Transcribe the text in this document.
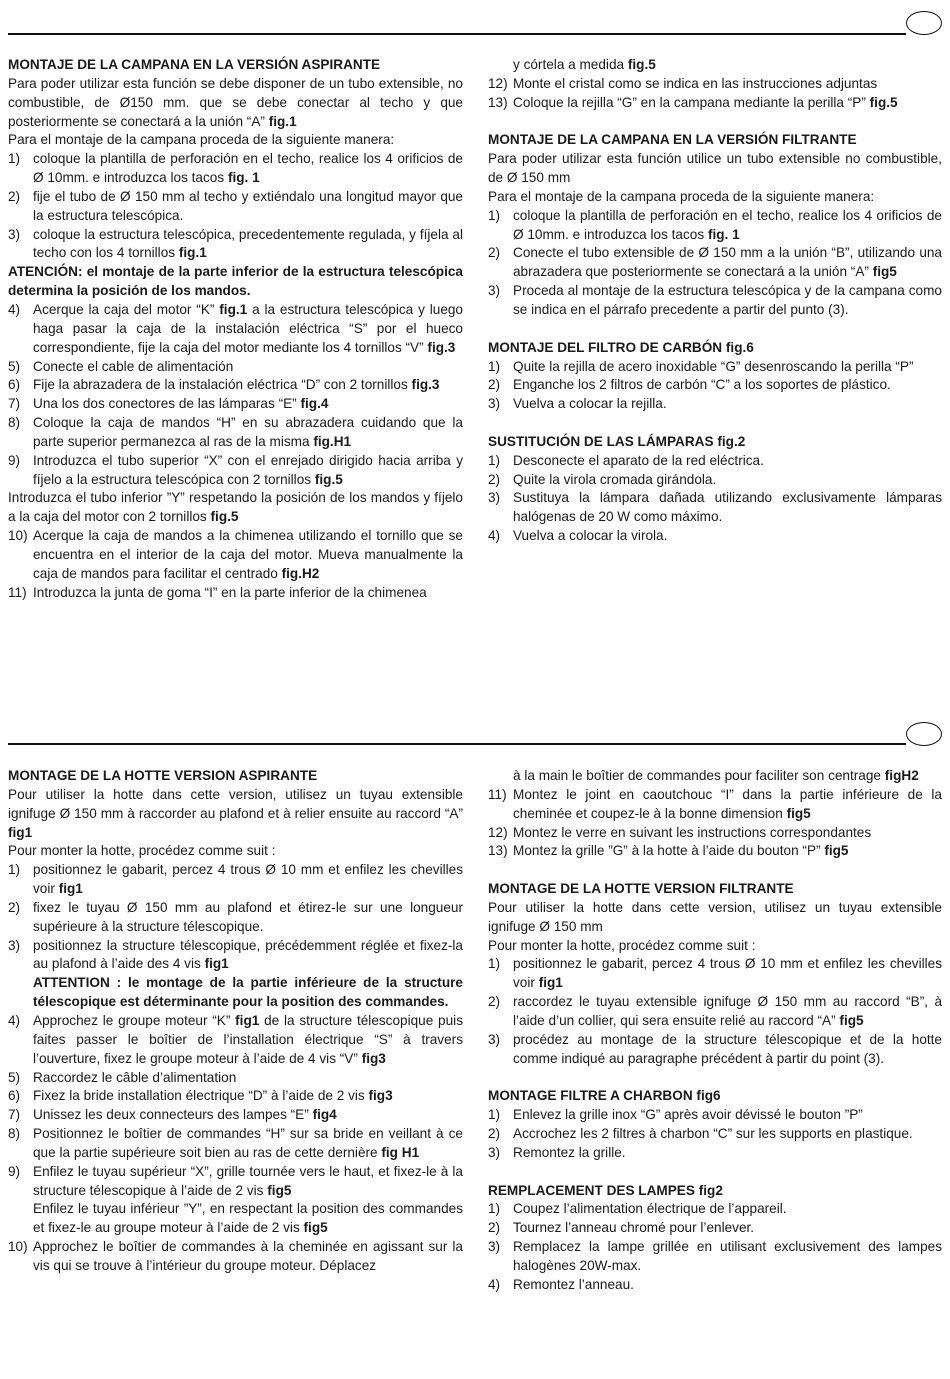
MONTAJE DE LA CAMPANA EN LA VERSIÓN ASPIRANTE

Para poder utilizar esta función se debe disponer de un tubo extensible, no combustible, de Ø150 mm. que se debe conectar al techo y que posteriormente se conectará a la unión “A” fig.1

Para el montaje de la campana proceda de la siguiente manera:

1) coloque la plantilla de perforación en el techo, realice los 4 orificios de Ø 10mm. e introduzca los tacos fig. 1

2) fije el tubo de Ø 150 mm al techo y extiéndalo una longitud mayor que la estructura telescópica.

3) coloque la estructura telescópica, precedentemente regulada, y fíjela al techo con los 4 tornillos fig.1

ATENCIÓN: el montaje de la parte inferior de la estructura telescópica determina la posición de los mandos.

4) Acerque la caja del motor “K” fig.1 a la estructura telescópica y luego haga pasar la caja de la instalación eléctrica “S” por el hueco correspondiente, fije la caja del motor mediante los 4 tornillos “V” fig.3

5) Conecte el cable de alimentación

6) Fije la abrazadera de la instalación eléctrica “D” con 2 tornillos fig.3

7) Una los dos conectores de las lámparas “E” fig.4

8) Coloque la caja de mandos “H” en su abrazadera cuidando que la parte superior permanezca al ras de la misma fig.H1

9) Introduzca el tubo superior “X” con el enrejado dirigido hacia arriba y fíjelo a la estructura telescópica con 2 tornillos fig.5

Introduzca el tubo inferior ”Y” respetando la posición de los mandos y fíjelo a la caja del motor con 2 tornillos fig.5

10) Acerque la caja de mandos a la chimenea utilizando el tornillo que se encuentra en el interior de la caja del motor. Mueva manualmente la caja de mandos para facilitar el centrado fig.H2

11) Introduzca la junta de goma “I” en la parte inferior de la chimenea

y córtela a medida fig.5

12) Monte el cristal como se indica en las instrucciones adjuntas

13) Coloque la rejilla “G” en la campana mediante la perilla “P” fig.5

MONTAJE DE LA CAMPANA EN LA VERSIÓN FILTRANTE

Para poder utilizar esta función utilice un tubo extensible no combustible, de Ø 150 mm

Para el montaje de la campana proceda de la siguiente manera:

1) coloque la plantilla de perforación en el techo, realice los 4 orificios de Ø 10mm. e introduzca los tacos fig. 1

2) Conecte el tubo extensible de Ø 150 mm a la unión “B”, utilizando una abrazadera que posteriormente se conectará a la unión “A” fig5

3) Proceda al montaje de la estructura telescópica y de la campana como se indica en el párrafo precedente a partir del punto (3).

MONTAJE DEL FILTRO DE CARBÓN fig.6

1) Quite la rejilla de acero inoxidable “G” desenroscando la perilla “P”

2) Enganche los 2 filtros de carbón “C” a los soportes de plástico.

3) Vuelva a colocar la rejilla.

SUSTITUCIÓN DE LAS LÁMPARAS fig.2

1) Desconecte el aparato de la red eléctrica.

2) Quite la virola cromada girándola.

3) Sustituya la lámpara dañada utilizando exclusivamente lámparas halógenas de 20 W como máximo.

4) Vuelva a colocar la virola.

MONTAGE DE LA HOTTE VERSION ASPIRANTE

Pour utiliser la hotte dans cette version, utilisez un tuyau extensible ignifuge Ø 150 mm à raccorder au plafond et à relier ensuite au raccord “A” fig1

Pour monter la hotte, procédez comme suit :

1) positionnez le gabarit, percez 4 trous Ø 10 mm et enfilez les chevilles voir fig1

2) fixez le tuyau Ø 150 mm au plafond et étirez-le sur une longueur supérieure à la structure télescopique.

3) positionnez la structure télescopique, précédemment réglée et fixez-la au plafond à l’aide des 4 vis fig1

ATTENTION : le montage de la partie inférieure de la structure télescopique est déterminante pour la position des commandes.

4) Approchez le groupe moteur “K” fig1 de la structure télescopique puis faites passer le boîtier de l’installation électrique “S” à travers l’ouverture, fixez le groupe moteur à l’aide de 4 vis “V” fig3

5) Raccordez le câble d’alimentation

6) Fixez la bride installation électrique “D” à l’aide de 2 vis fig3

7) Unissez les deux connecteurs des lampes “E” fig4

8) Positionnez le boîtier de commandes “H” sur sa bride en veillant à ce que la partie supérieure soit bien au ras de cette dernière fig H1

9) Enfilez le tuyau supérieur “X”, grille tournée vers le haut, et fixez-le à la structure télescopique à l’aide de 2 vis fig5

Enfilez le tuyau inférieur ”Y”, en respectant la position des commandes et fixez-le au groupe moteur à l’aide de 2 vis fig5

10) Approchez le boîtier de commandes à la cheminée en agissant sur la vis qui se trouve à l’intérieur du groupe moteur. Déplacez

à la main le boîtier de commandes pour faciliter son centrage figH2

11) Montez le joint en caoutchouc “I” dans la partie inférieure de la cheminée et coupez-le à la bonne dimension fig5

12) Montez le verre en suivant les instructions correspondantes

13) Montez la grille ”G” à la hotte à l’aide du bouton “P” fig5

MONTAGE DE LA HOTTE VERSION FILTRANTE

Pour utiliser la hotte dans cette version, utilisez un tuyau extensible ignifuge Ø 150 mm

Pour monter la hotte, procédez comme suit :

1) positionnez le gabarit, percez 4 trous Ø 10 mm et enfilez les chevilles voir fig1

2) raccordez le tuyau extensible ignifuge Ø 150 mm au raccord “B”, à l’aide d’un collier, qui sera ensuite relié au raccord “A” fig5

3) procédez au montage de la structure télescopique et de la hotte comme indiqué au paragraphe précédent à partir du point (3).

MONTAGE FILTRE A CHARBON fig6

1) Enlevez la grille inox “G” après avoir dévissé le bouton ”P”

2) Accrochez les 2 filtres à charbon “C” sur les supports en plastique.

3) Remontez la grille.

REMPLACEMENT DES LAMPES fig2

1) Coupez l’alimentation électrique de l’appareil.

2) Tournez l’anneau chromé pour l’enlever.

3) Remplacez la lampe grillée en utilisant exclusivement des lampes halogènes 20W-max.

4) Remontez l’anneau.
